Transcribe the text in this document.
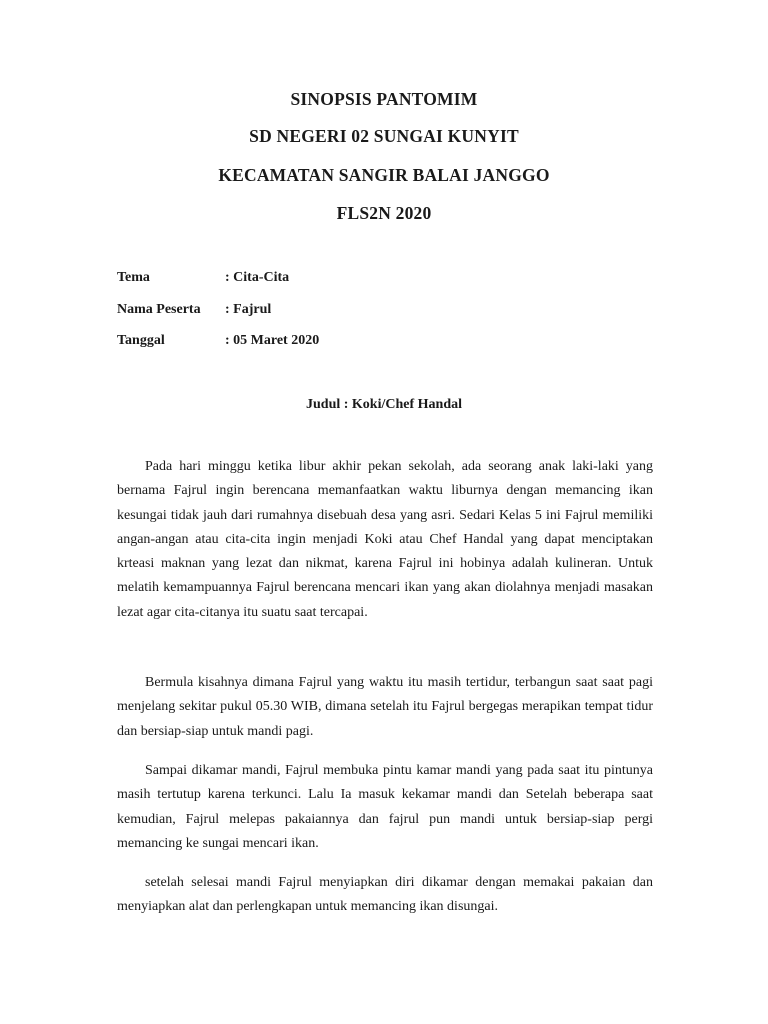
SINOPSIS PANTOMIM
SD NEGERI 02 SUNGAI KUNYIT
KECAMATAN SANGIR BALAI JANGGO
FLS2N 2020
Tema	: Cita-Cita
Nama Peserta : Fajrul
Tanggal	: 05 Maret 2020
Judul : Koki/Chef Handal

Pada hari minggu ketika libur akhir pekan sekolah, ada seorang anak laki-laki yang bernama Fajrul ingin berencana memanfaatkan waktu liburnya dengan memancing ikan kesungai tidak jauh dari rumahnya disebuah desa yang asri. Sedari Kelas 5 ini Fajrul memiliki angan-angan atau cita-cita ingin menjadi Koki atau Chef Handal yang dapat menciptakan krteasi maknan yang lezat dan nikmat, karena Fajrul ini hobinya adalah kulineran. Untuk melatih kemampuannya Fajrul berencana mencari ikan yang akan diolahnya menjadi masakan lezat agar cita-citanya itu suatu saat tercapai.

Bermula kisahnya dimana Fajrul yang waktu itu masih tertidur, terbangun saat saat pagi menjelang sekitar pukul 05.30 WIB, dimana setelah itu Fajrul bergegas merapikan tempat tidur dan bersiap-siap untuk mandi pagi.

Sampai dikamar mandi, Fajrul membuka pintu kamar mandi yang pada saat itu pintunya masih tertutup karena terkunci. Lalu Ia masuk kekamar mandi dan Setelah beberapa saat kemudian, Fajrul melepas pakaiannya dan fajrul pun mandi untuk bersiap-siap pergi memancing ke sungai mencari ikan.

setelah selesai mandi Fajrul menyiapkan diri dikamar dengan memakai pakaian dan menyiapkan alat dan perlengkapan untuk memancing ikan disungai.
